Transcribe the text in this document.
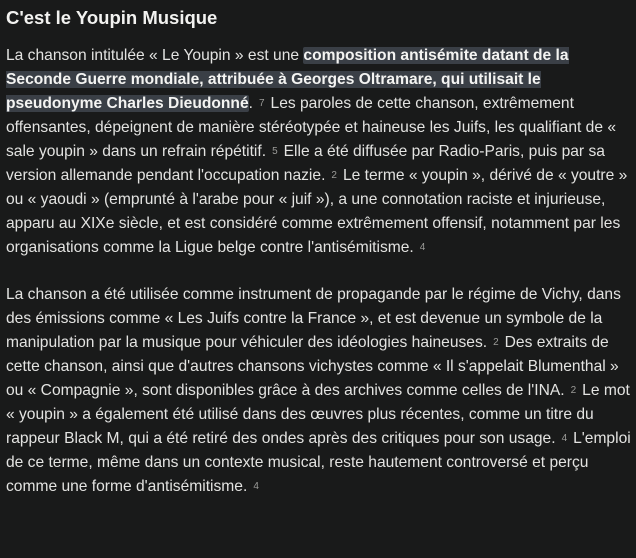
C'est le Youpin Musique

La chanson intitulée « Le Youpin » est une composition antisémite datant de la Seconde Guerre mondiale, attribuée à Georges Oltramare, qui utilisait le pseudonyme Charles Dieudonné. 7 Les paroles de cette chanson, extrêmement offensantes, dépeignent de manière stéréotypée et haineuse les Juifs, les qualifiant de « sale youpin » dans un refrain répétitif. 5 Elle a été diffusée par Radio-Paris, puis par sa version allemande pendant l'occupation nazie. 2 Le terme « youpin », dérivé de « youtre » ou « yaoudi » (emprunté à l'arabe pour « juif »), a une connotation raciste et injurieuse, apparu au XIXe siècle, et est considéré comme extrêmement offensif, notamment par les organisations comme la Ligue belge contre l'antisémitisme. 4

La chanson a été utilisée comme instrument de propagande par le régime de Vichy, dans des émissions comme « Les Juifs contre la France », et est devenue un symbole de la manipulation par la musique pour véhiculer des idéologies haineuses. 2 Des extraits de cette chanson, ainsi que d'autres chansons vichystes comme « Il s'appelait Blumenthal » ou « Compagnie », sont disponibles grâce à des archives comme celles de l'INA. 2 Le mot « youpin » a également été utilisé dans des œuvres plus récentes, comme un titre du rappeur Black M, qui a été retiré des ondes après des critiques pour son usage. 4 L'emploi de ce terme, même dans un contexte musical, reste hautement controversé et perçu comme une forme d'antisémitisme. 4
